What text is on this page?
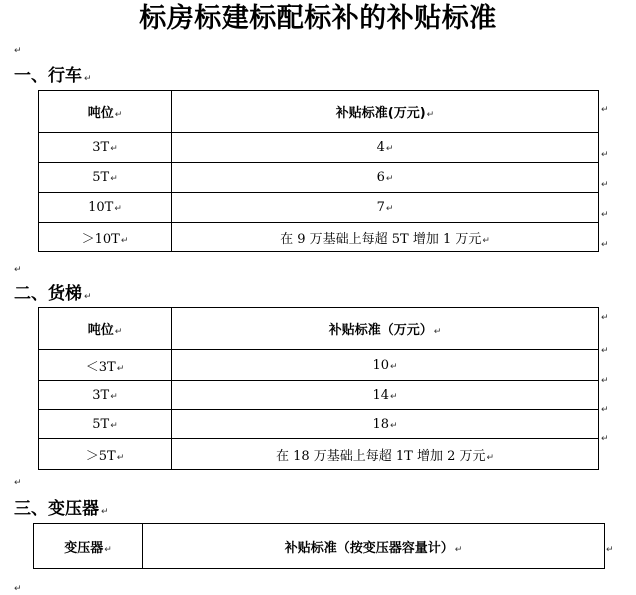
标房标建标配标补的补贴标准
↵
↵
↵
↵
一、行车 ↵
吨位↵	补贴标准(万元)↵
3T↵	4↵
5T↵	6↵
10T↵	7↵
＞10T↵	在 9 万基础上每超 5T 增加 1 万元↵
二、货梯 ↵
吨位↵	补贴标准（万元）↵
＜3T↵	10↵
3T↵	14↵
5T↵	18↵
＞5T↵	在 18 万基础上每超 1T 增加 2 万元↵
三、变压器 ↵
变压器↵	补贴标准（按变压器容量计）↵
↵
↵
↵
↵
↵
↵
↵
↵
↵
↵
↵
